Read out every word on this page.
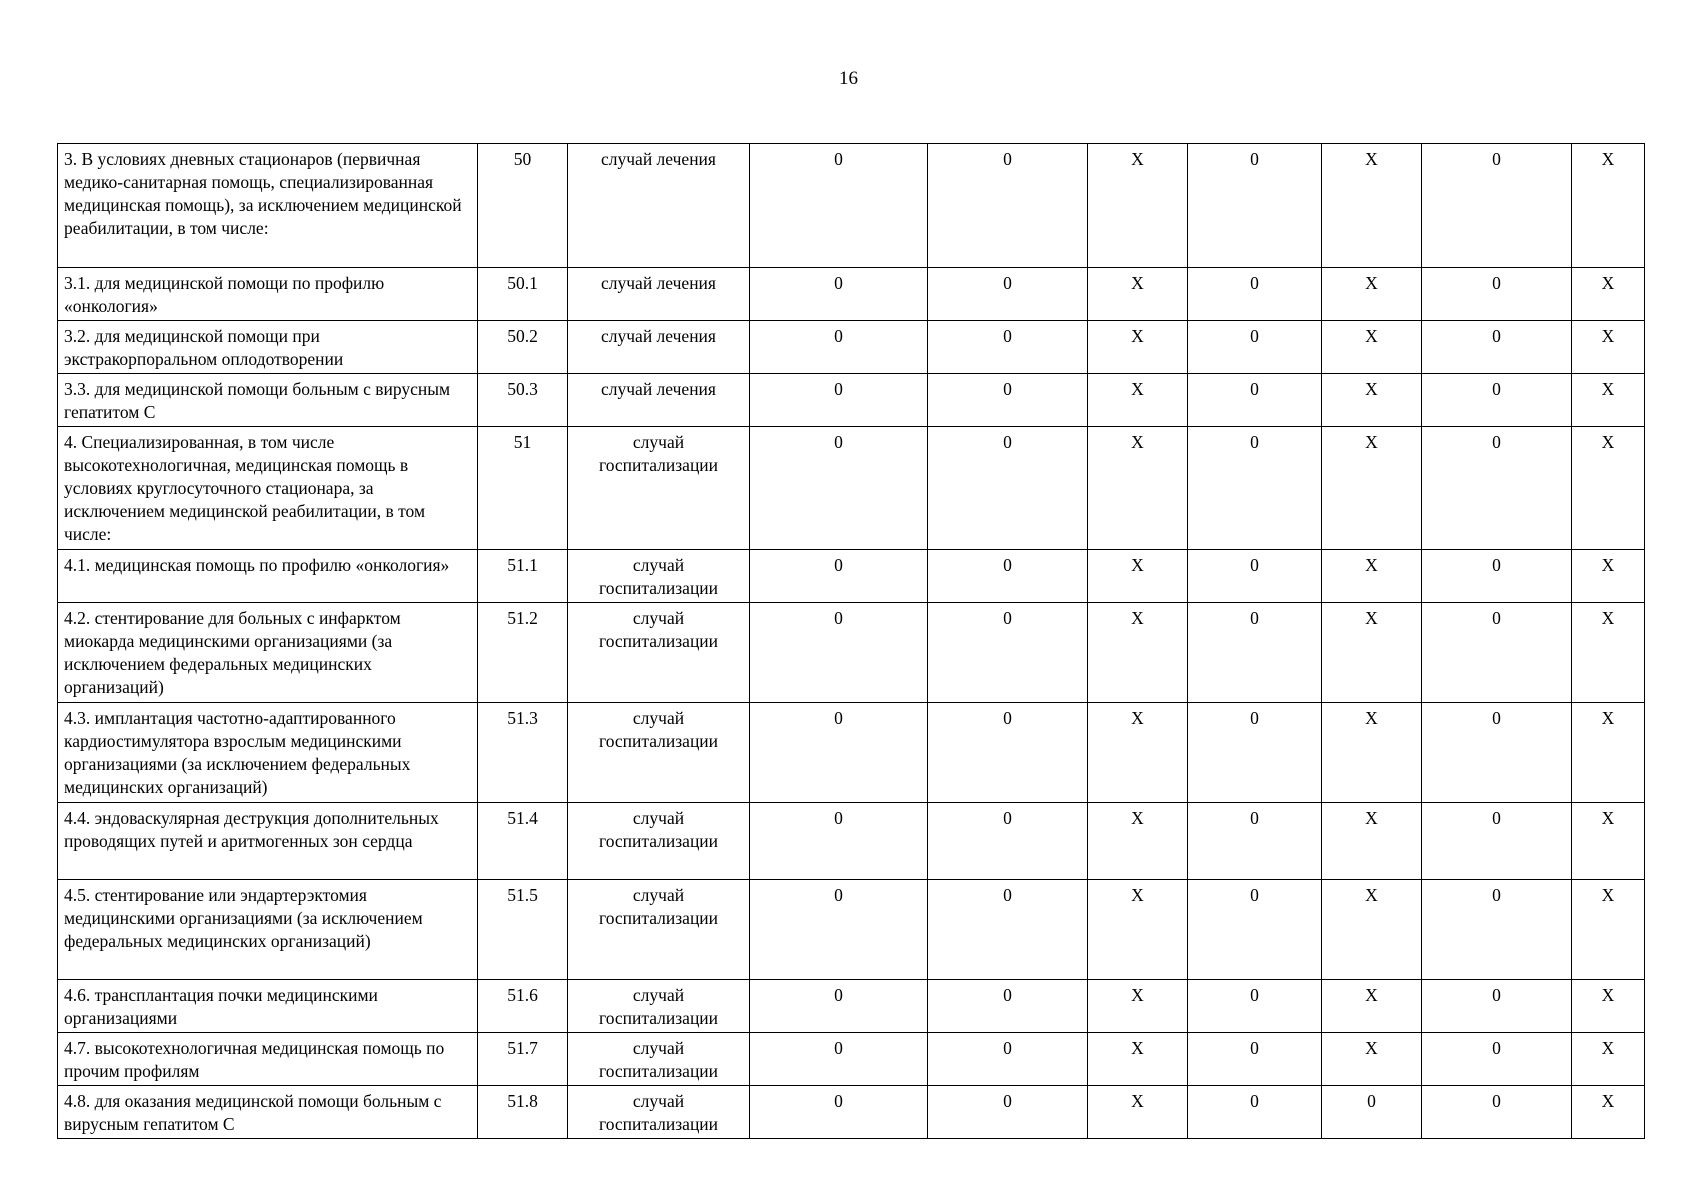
16
3. В условиях дневных стационаров (первичная медико-санитарная помощь, специализированная медицинская помощь), за исключением медицинской реабилитации, в том числе:	50	случай лечения	0	0	X	0	X	0	X
3.1. для медицинской помощи по профилю «онкология»	50.1	случай лечения	0	0	X	0	X	0	X
3.2. для медицинской помощи при экстракорпоральном оплодотворении	50.2	случай лечения	0	0	X	0	X	0	X
3.3. для медицинской помощи больным с вирусным гепатитом С	50.3	случай лечения	0	0	X	0	X	0	X
4. Специализированная, в том числе высокотехнологичная, медицинская помощь в условиях круглосуточного стационара, за исключением медицинской реабилитации, в том числе:	51	случай госпитализации	0	0	X	0	X	0	X
4.1. медицинская помощь по профилю «онкология»	51.1	случай госпитализации	0	0	X	0	X	0	X
4.2. стентирование для больных с инфарктом миокарда медицинскими организациями (за исключением федеральных медицинских организаций)	51.2	случай госпитализации	0	0	X	0	X	0	X
4.3. имплантация частотно-адаптированного кардиостимулятора взрослым медицинскими организациями (за исключением федеральных медицинских организаций)	51.3	случай госпитализации	0	0	X	0	X	0	X
4.4. эндоваскулярная деструкция дополнительных проводящих путей и аритмогенных зон сердца	51.4	случай госпитализации	0	0	X	0	X	0	X
4.5. стентирование или эндартерэктомия медицинскими организациями (за исключением федеральных медицинских организаций)	51.5	случай госпитализации	0	0	X	0	X	0	X
4.6. трансплантация почки медицинскими организациями	51.6	случай госпитализации	0	0	X	0	X	0	X
4.7. высокотехнологичная медицинская помощь по прочим профилям	51.7	случай госпитализации	0	0	X	0	X	0	X
4.8. для оказания медицинской помощи больным с вирусным гепатитом С	51.8	случай госпитализации	0	0	X	0	0	0	X
